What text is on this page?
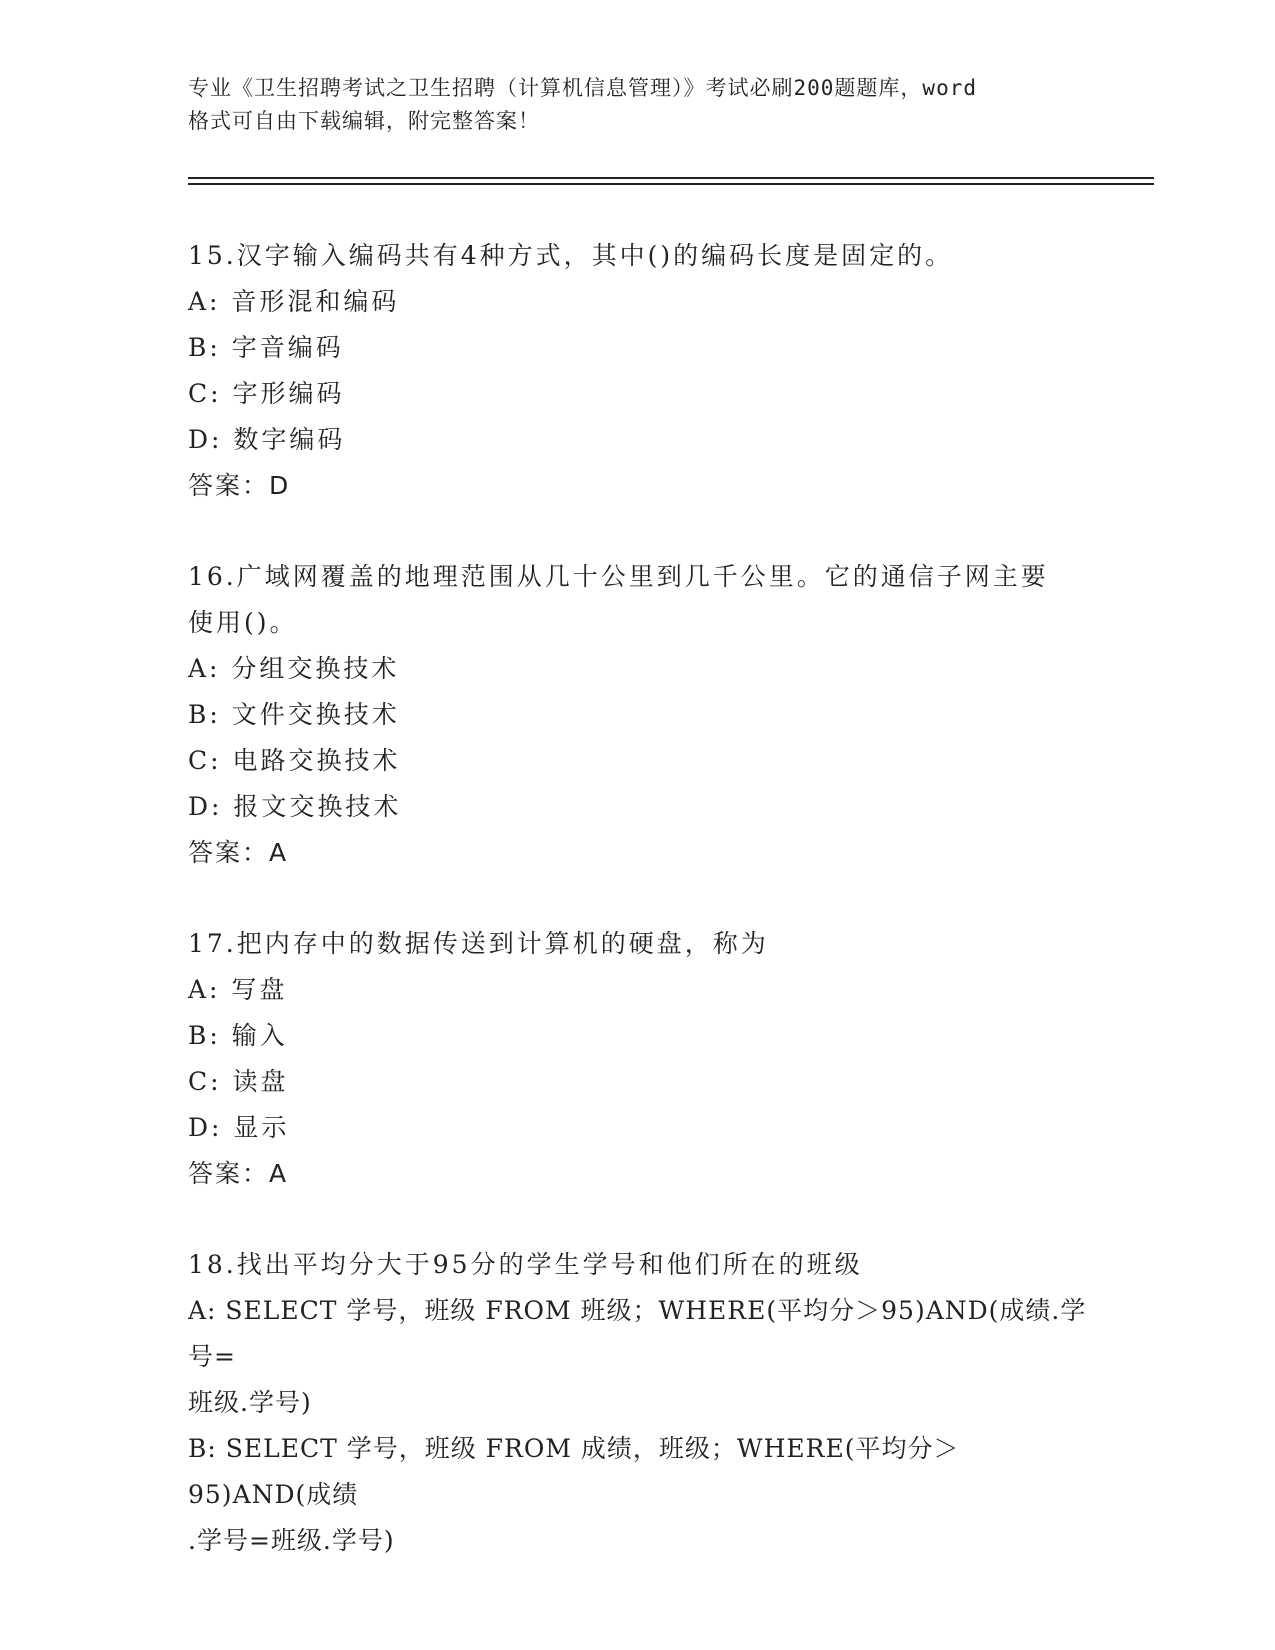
专业《卫生招聘考试之卫生招聘（计算机信息管理）》考试必刷200题题库，word
格式可自由下载编辑，附完整答案！

15.汉字输入编码共有4种方式，其中()的编码长度是固定的。

A: 音形混和编码

B: 字音编码

C: 字形编码

D: 数字编码

答案：D

16.广域网覆盖的地理范围从几十公里到几千公里。它的通信子网主要
使用()。

A: 分组交换技术

B: 文件交换技术

C: 电路交换技术

D: 报文交换技术

答案：A

17.把内存中的数据传送到计算机的硬盘，称为

A: 写盘

B: 输入

C: 读盘

D: 显示

答案：A

18.找出平均分大于95分的学生学号和他们所在的班级

A: SELECT 学号，班级 FROM 班级；WHERE(平均分＞95)AND(成绩.学号=
班级.学号)

B: SELECT 学号，班级 FROM 成绩，班级；WHERE(平均分＞95)AND(成绩
.学号=班级.学号)
